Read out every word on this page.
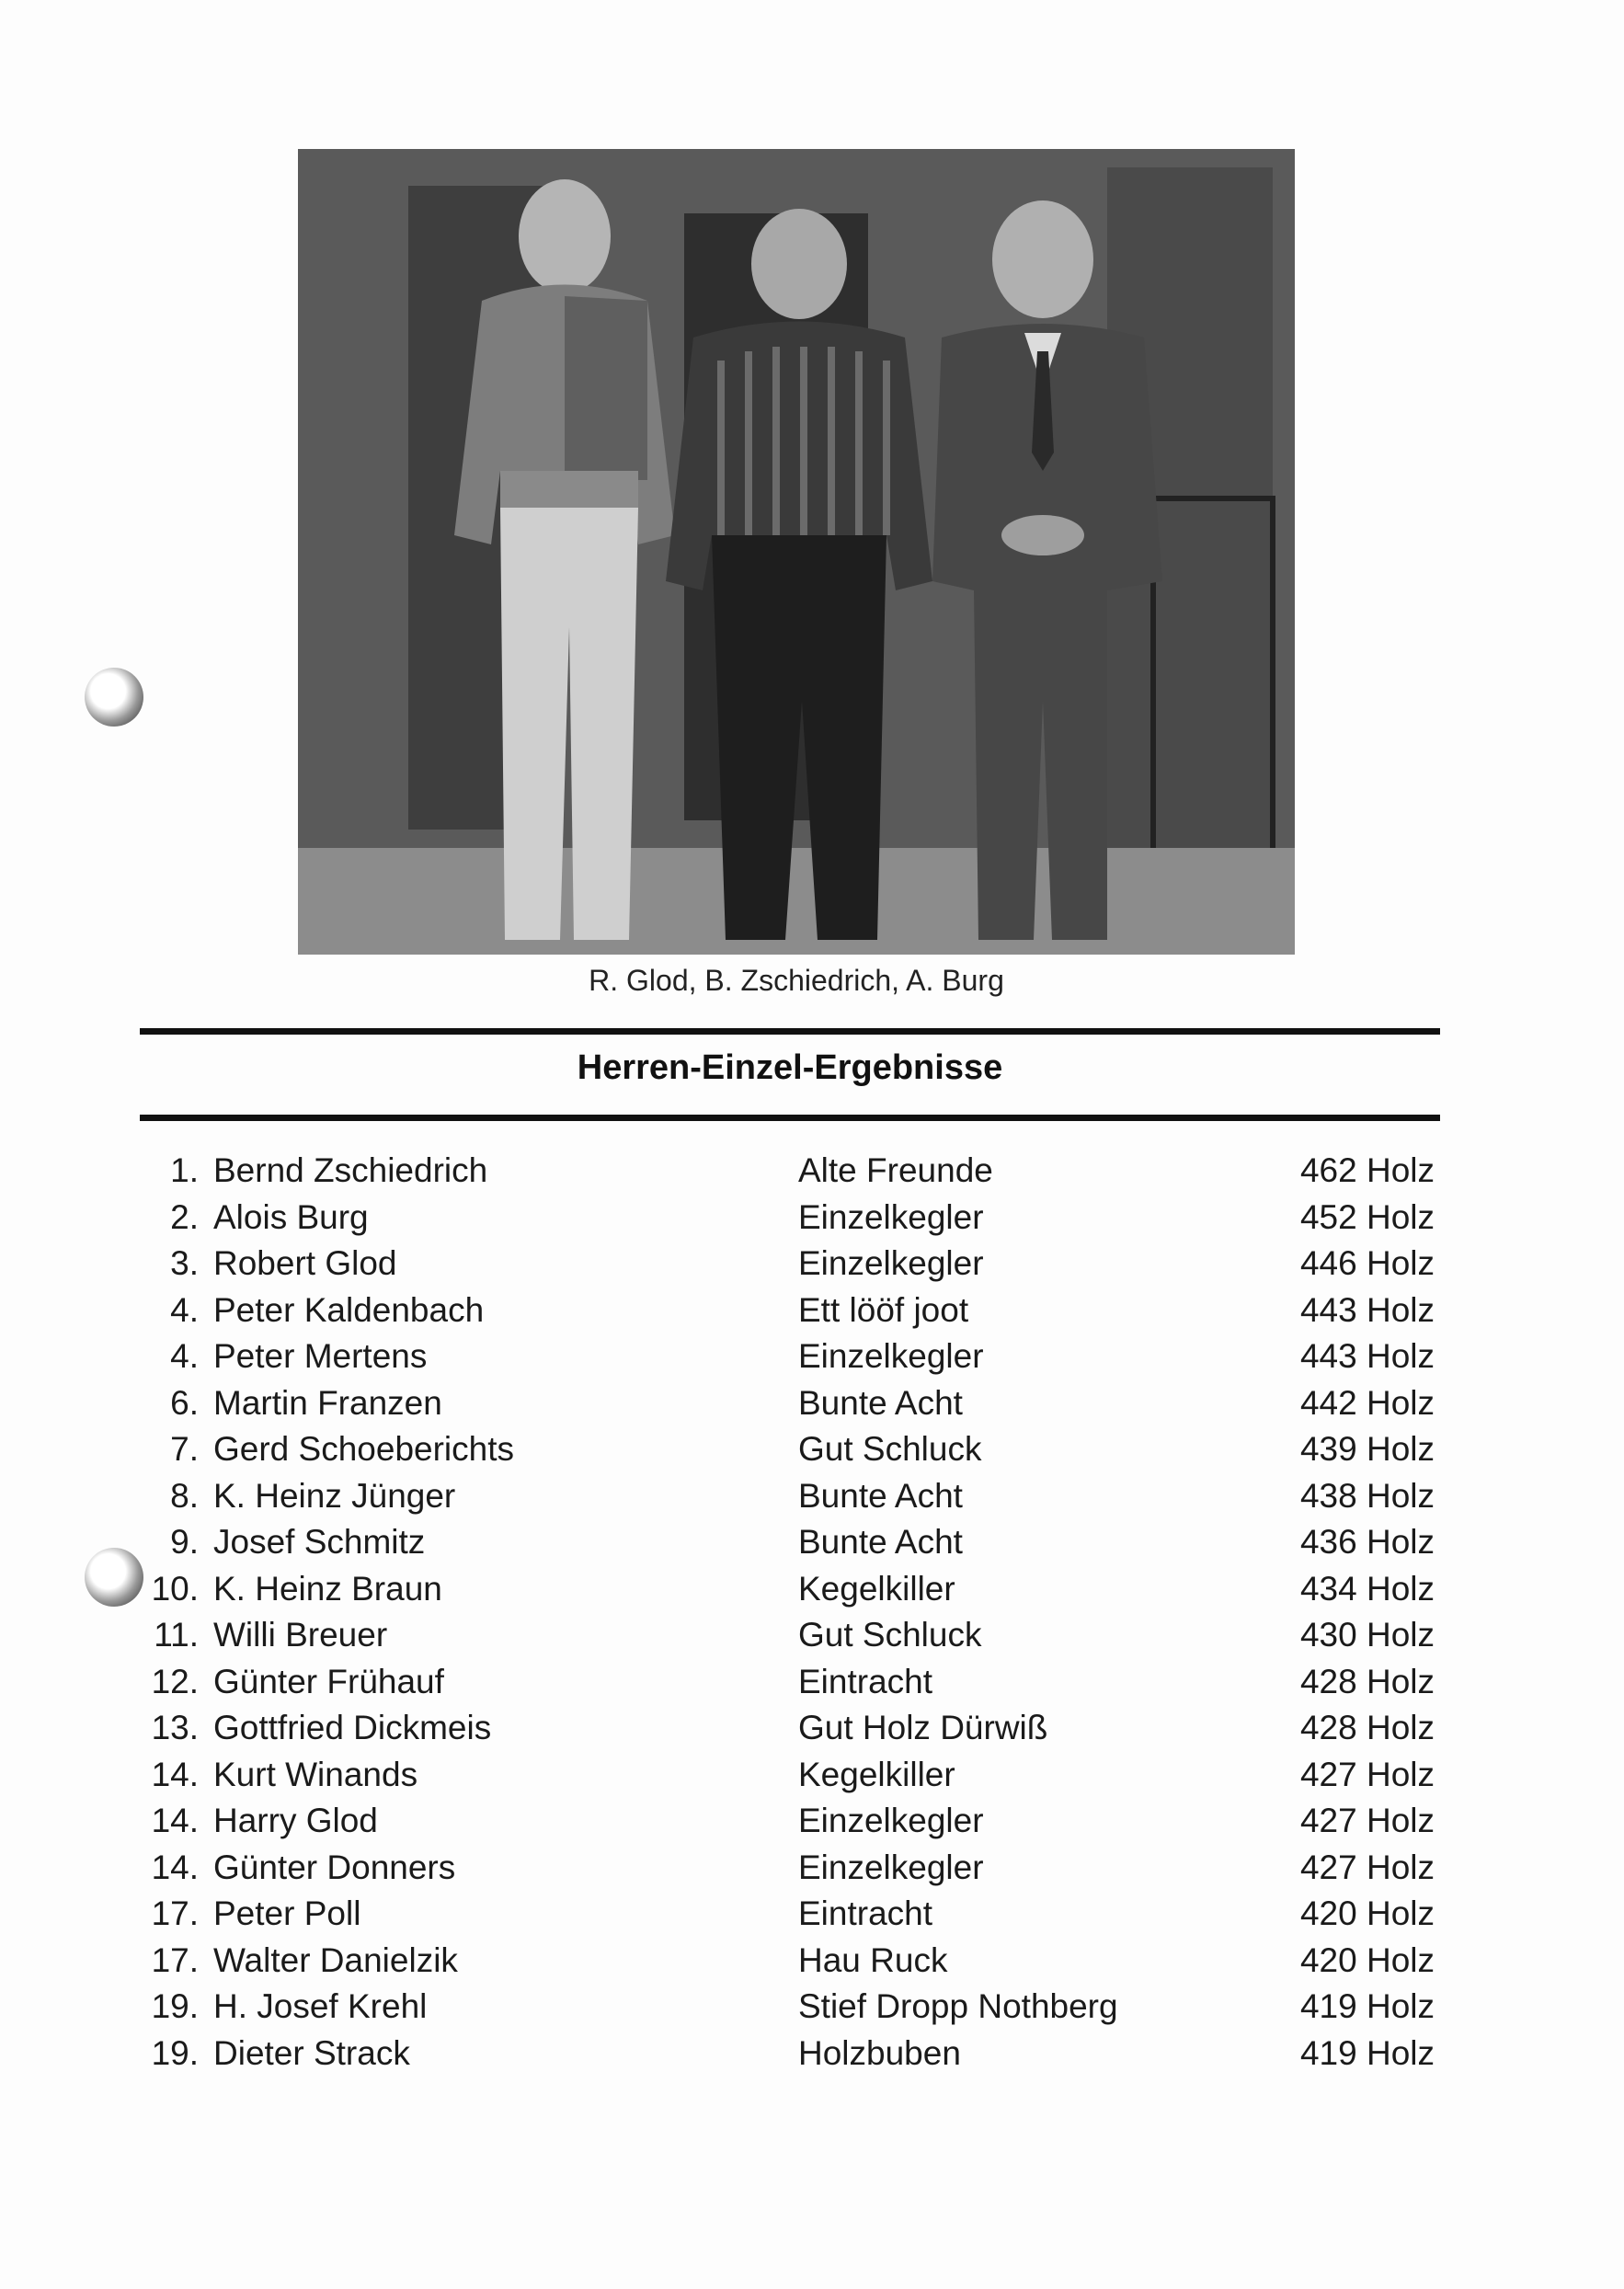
R. Glod, B. Zschiedrich, A. Burg
Herren-Einzel-Ergebnisse
1. Bernd Zschiedrich	Alte Freunde	462 Holz
2. Alois Burg	Einzelkegler	452 Holz
3. Robert Glod	Einzelkegler	446 Holz
4. Peter Kaldenbach	Ett lööf joot	443 Holz
4. Peter Mertens	Einzelkegler	443 Holz
6. Martin Franzen	Bunte Acht	442 Holz
7. Gerd Schoeberichts	Gut Schluck	439 Holz
8. K. Heinz Jünger	Bunte Acht	438 Holz
9. Josef Schmitz	Bunte Acht	436 Holz
10. K. Heinz Braun	Kegelkiller	434 Holz
11. Willi Breuer	Gut Schluck	430 Holz
12. Günter Frühauf	Eintracht	428 Holz
13. Gottfried Dickmeis	Gut Holz Dürwiß	428 Holz
14. Kurt Winands	Kegelkiller	427 Holz
14. Harry Glod	Einzelkegler	427 Holz
14. Günter Donners	Einzelkegler	427 Holz
17. Peter Poll	Eintracht	420 Holz
17. Walter Danielzik	Hau Ruck	420 Holz
19. H. Josef Krehl	Stief Dropp Nothberg	419 Holz
19. Dieter Strack	Holzbuben	419 Holz
